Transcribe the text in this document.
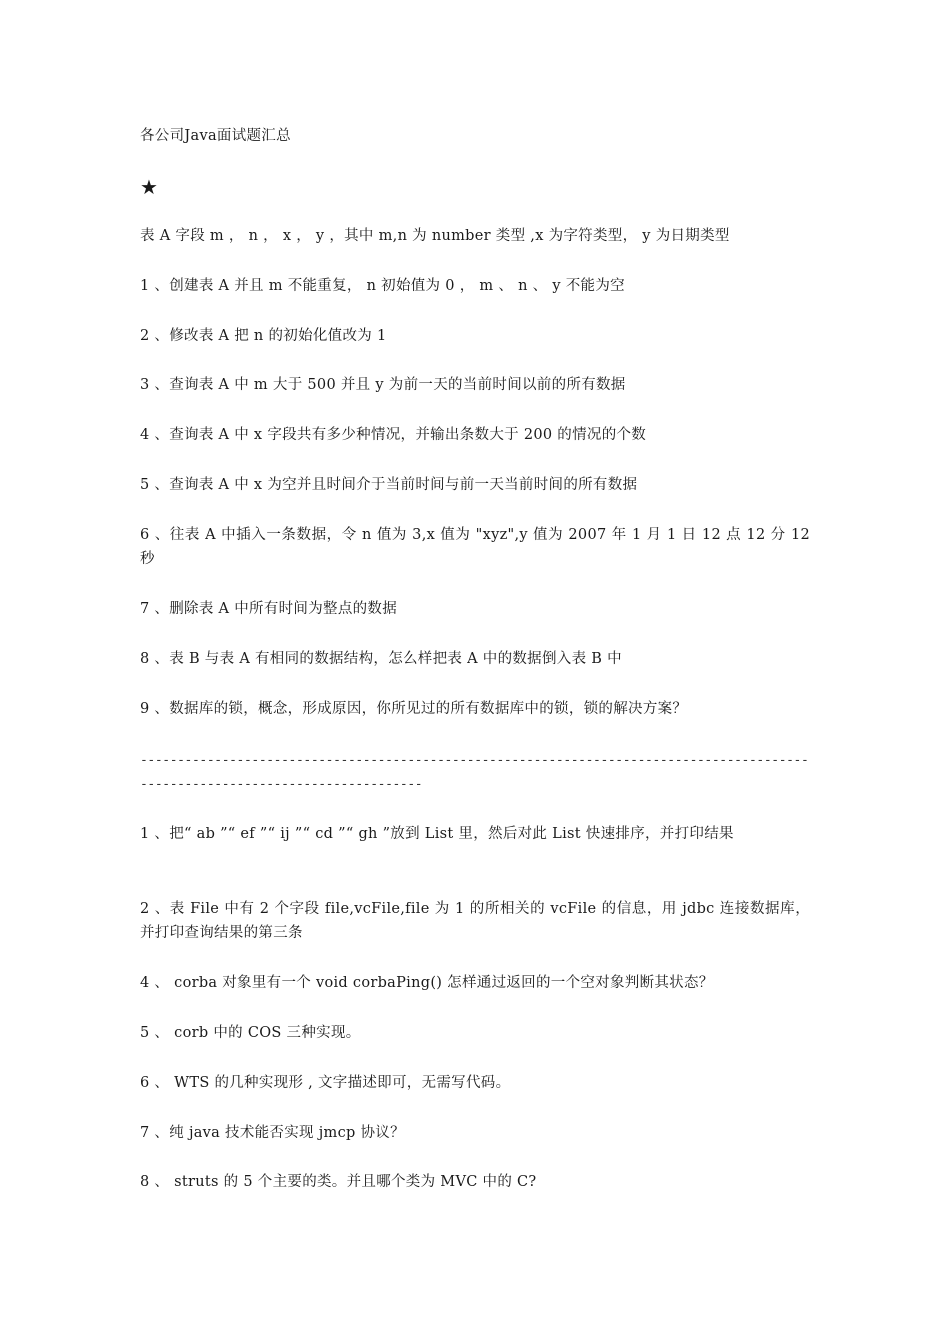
各公司Java面试题汇总
★
表 A 字段 m ， n ， x ， y ，其中 m,n 为 number 类型 ,x 为字符类型， y 为日期类型
1 、创建表 A 并且 m 不能重复， n 初始值为 0 ， m 、 n 、 y 不能为空
2 、修改表 A 把 n 的初始化值改为 1
3 、查询表 A 中 m 大于 500 并且 y 为前一天的当前时间以前的所有数据
4 、查询表 A 中 x 字段共有多少种情况，并输出条数大于 200 的情况的个数
5 、查询表 A 中 x 为空并且时间介于当前时间与前一天当前时间的所有数据
6 、往表 A 中插入一条数据，令 n 值为 3,x 值为 "xyz",y 值为 2007 年 1 月 1 日 12 点 12 分 12 秒
7 、删除表 A 中所有时间为整点的数据
8 、表 B 与表 A 有相同的数据结构，怎么样把表 A 中的数据倒入表 B 中
9 、数据库的锁，概念，形成原因，你所见过的所有数据库中的锁，锁的解决方案？
--------------------------------------------------------------------------------------------------------------------------------
1 、把“ ab ”“ ef ”“ ij ”“ cd ”“ gh ”放到 List 里，然后对此 List 快速排序，并打印结果
2 、表 File 中有 2 个字段 file,vcFile,file 为 1 的所相关的 vcFile 的信息，用 jdbc 连接数据库，并打印查询结果的第三条
4 、 corba 对象里有一个 void corbaPing() 怎样通过返回的一个空对象判断其状态？
5 、 corb 中的 COS 三种实现。
6 、 WTS 的几种实现形 , 文字描述即可，无需写代码。
7 、纯 java 技术能否实现 jmcp 协议？
8 、 struts 的 5 个主要的类。并且哪个类为 MVC 中的 C?
